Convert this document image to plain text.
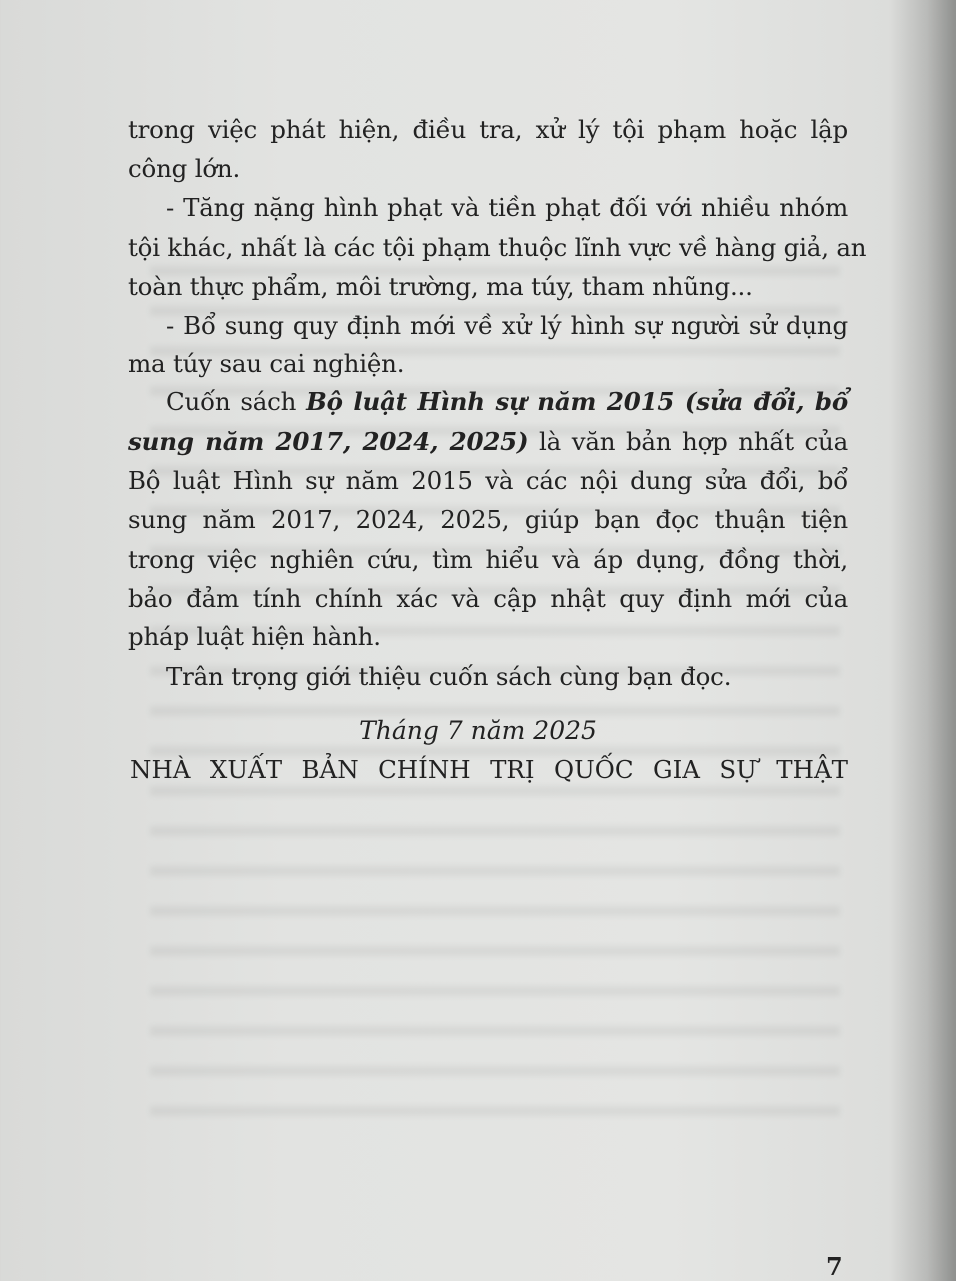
trong việc phát hiện, điều tra, xử lý tội phạm hoặc lập
công lớn.
- Tăng nặng hình phạt và tiền phạt đối với nhiều nhóm
tội khác, nhất là các tội phạm thuộc lĩnh vực về hàng giả, an
toàn thực phẩm, môi trường, ma túy, tham nhũng...
- Bổ sung quy định mới về xử lý hình sự người sử dụng
ma túy sau cai nghiện.
Cuốn sách Bộ luật Hình sự năm 2015 (sửa đổi, bổ
sung năm 2017, 2024, 2025) là văn bản hợp nhất của
Bộ luật Hình sự năm 2015 và các nội dung sửa đổi, bổ
sung năm 2017, 2024, 2025, giúp bạn đọc thuận tiện
trong việc nghiên cứu, tìm hiểu và áp dụng, đồng thời,
bảo đảm tính chính xác và cập nhật quy định mới của
pháp luật hiện hành.
Trân trọng giới thiệu cuốn sách cùng bạn đọc.
Tháng 7 năm 2025
NHÀ XUẤT BẢN CHÍNH TRỊ QUỐC GIA SỰ THẬT
7
